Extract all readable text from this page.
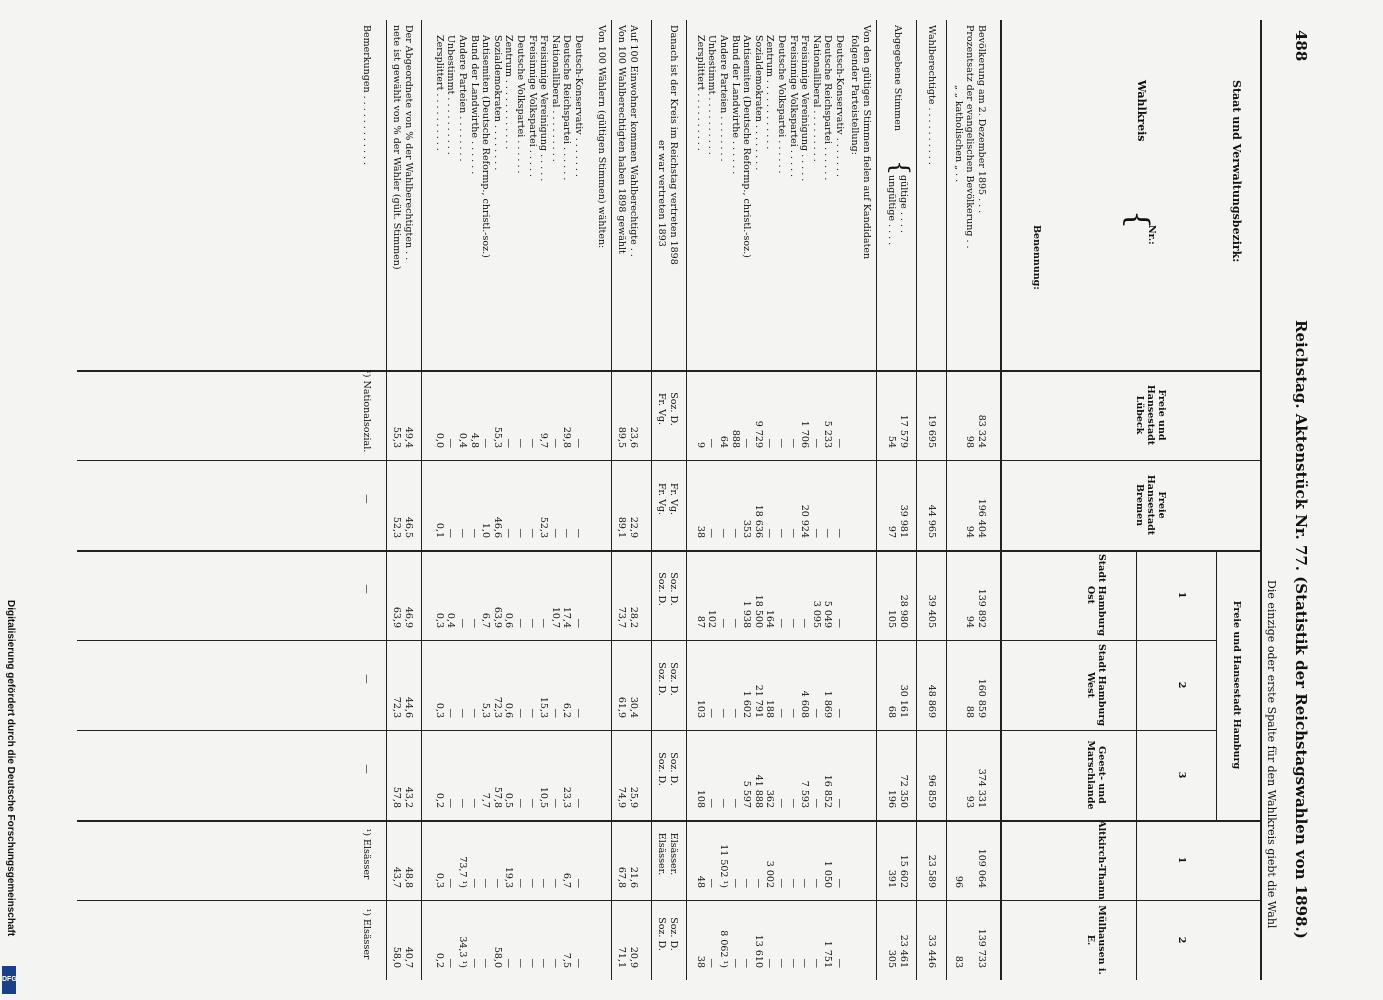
488
Reichstag. Aktenstück Nr. 77. (Statistik der Reichstagswahlen von 1898.)
Die einzige oder erste Spalte für den Wahlkreis giebt die Wahl
Staat und Verwaltungsbezirk:
Wahlkreis
{
Nr.:
Benennung:
Freie und Hansestadt Hamburg
Freie und Hansestadt Lübeck
Freie Hansestadt Bremen
1
2
3
1
2
Stadt Hamburg Ost
Stadt Hamburg West
Geest- und Marschlande
Altkirch-Thann
Mülhausen i. E.
Bevölkerung am 2. Dezember 1895 . . .
Prozentsatz der evangelischen Bevölkerung . .
„ „ katholischen „ . .
Wahlberechtigte . . . . . . . . . .
Abgegebene Stimmen
{
gültige . . . .
ungültige . . . .
Von den gültigen Stimmen fielen auf Kandidaten
folgender Parteistellung:
Deutsch-Konservativ . . . . . . .
Deutsche Reichspartei . . . . . .
Nationalliberal . . . . . . . . .
Freisinnige Vereinigung . . . . .
Freisinnige Volkspartei . . . . .
Deutsche Volkspartei . . . . . .
Zentrum . . . . . . . . . . . .
Sozialdemokraten . . . . . . . .
Antisemiten (Deutsche Reformp., christl.-soz.)
Bund der Landwirthe . . . . . .
Andere Parteien . . . . . . . .
Unbestimmt . . . . . . . . . .
Zersplittert . . . . . . . . . .
Danach ist der Kreis im Reichstag vertreten 1898
er war vertreten 1893
Auf 100 Einwohner kommen Wahlberechtigte . .
Von 100 Wahlberechtigten haben 1898 gewählt
Von 100 Wählern (gültigen Stimmen) wählten:
Deutsch-Konservativ . . . . . . .
Deutsche Reichspartei . . . . . .
Nationalliberal . . . . . . . . .
Freisinnige Vereinigung . . . . .
Freisinnige Volkspartei . . . . .
Deutsche Volkspartei . . . . . .
Zentrum . . . . . . . . . . . .
Sozialdemokraten . . . . . . . .
Antisemiten (Deutsche Reformp., christl.-soz.)
Bund der Landwirthe . . . . . .
Andere Parteien . . . . . . . .
Unbestimmt . . . . . . . . . .
Zersplittert . . . . . . . . . .
Der Abgeordnete von % der Wahlberechtigten . .
nete ist gewählt von % der Wähler (gült. Stimmen)
Bemerkungen . . . . . . . . . . . .
83 324
196 404
139 892
160 859
374 331
109 064
139 733
98
94
94
88
93
96
83
19 695
44 965
39 405
48 869
96 859
23 589
33 446
17 579
39 981
28 980
30 161
72 350
15 602
23 461
54
97
105
68
196
391
305
Soz. D.
Fr. Vg.
Soz. D.
Soz. D.
Soz. D.
Elsässer.
Soz. D.
Fr. Vg.
Fr. Vg.
Soz. D.
Soz. D.
Soz. D.
Elsässer.
Soz. D.
23,6
22,9
28,2
30,4
25,9
21,6
20,9
89,5
89,1
73,7
61,9
74,9
67,8
71,1
49,4
46,5
46,9
44,6
43,2
48,8
40,7
55,3
52,3
63,9
72,3
57,8
43,7
58,0
¹) Nationalsozial.
—
—
—
—
¹) Elsässer
¹) Elsässer
—
—
—
—
—
—
—
5 233
—
5 049
1 869
16 852
1 050
1 751
—
—
3 095
—
—
—
—
1 706
20 924
—
4 608
7 593
—
—
—
—
—
—
—
—
—
—
—
—
—
—
—
—
—
—
164
188
362
3 002
—
9 729
18 636
18 500
21 791
41 888
—
13 610
—
353
1 938
1 602
5 597
—
—
888
—
—
—
—
—
—
64
—
—
—
—
11 502 ¹)
8 062 ¹)
—
—
102
—
—
—
—
9
38
87
103
108
48
38
—
—
—
—
—
—
—
29,8
—
17,4
6,2
23,3
6,7
7,5
—
—
10,7
—
—
—
—
9,7
52,3
—
15,3
10,5
—
—
—
—
—
—
—
—
—
—
—
—
—
—
—
—
—
—
0,6
0,6
0,5
19,3
—
55,3
46,6
63,9
72,3
57,8
—
58,0
—
1,0
6,7
5,3
7,7
—
—
4,8
—
—
—
—
—
—
0,4
—
—
—
—
73,7 ¹)
34,3 ¹)
—
—
0,4
—
—
—
—
0,0
0,1
0,3
0,3
0,2
0,3
0,2
Digitalisierung gefördert durch die Deutsche Forschungsgemeinschaft
DFG
